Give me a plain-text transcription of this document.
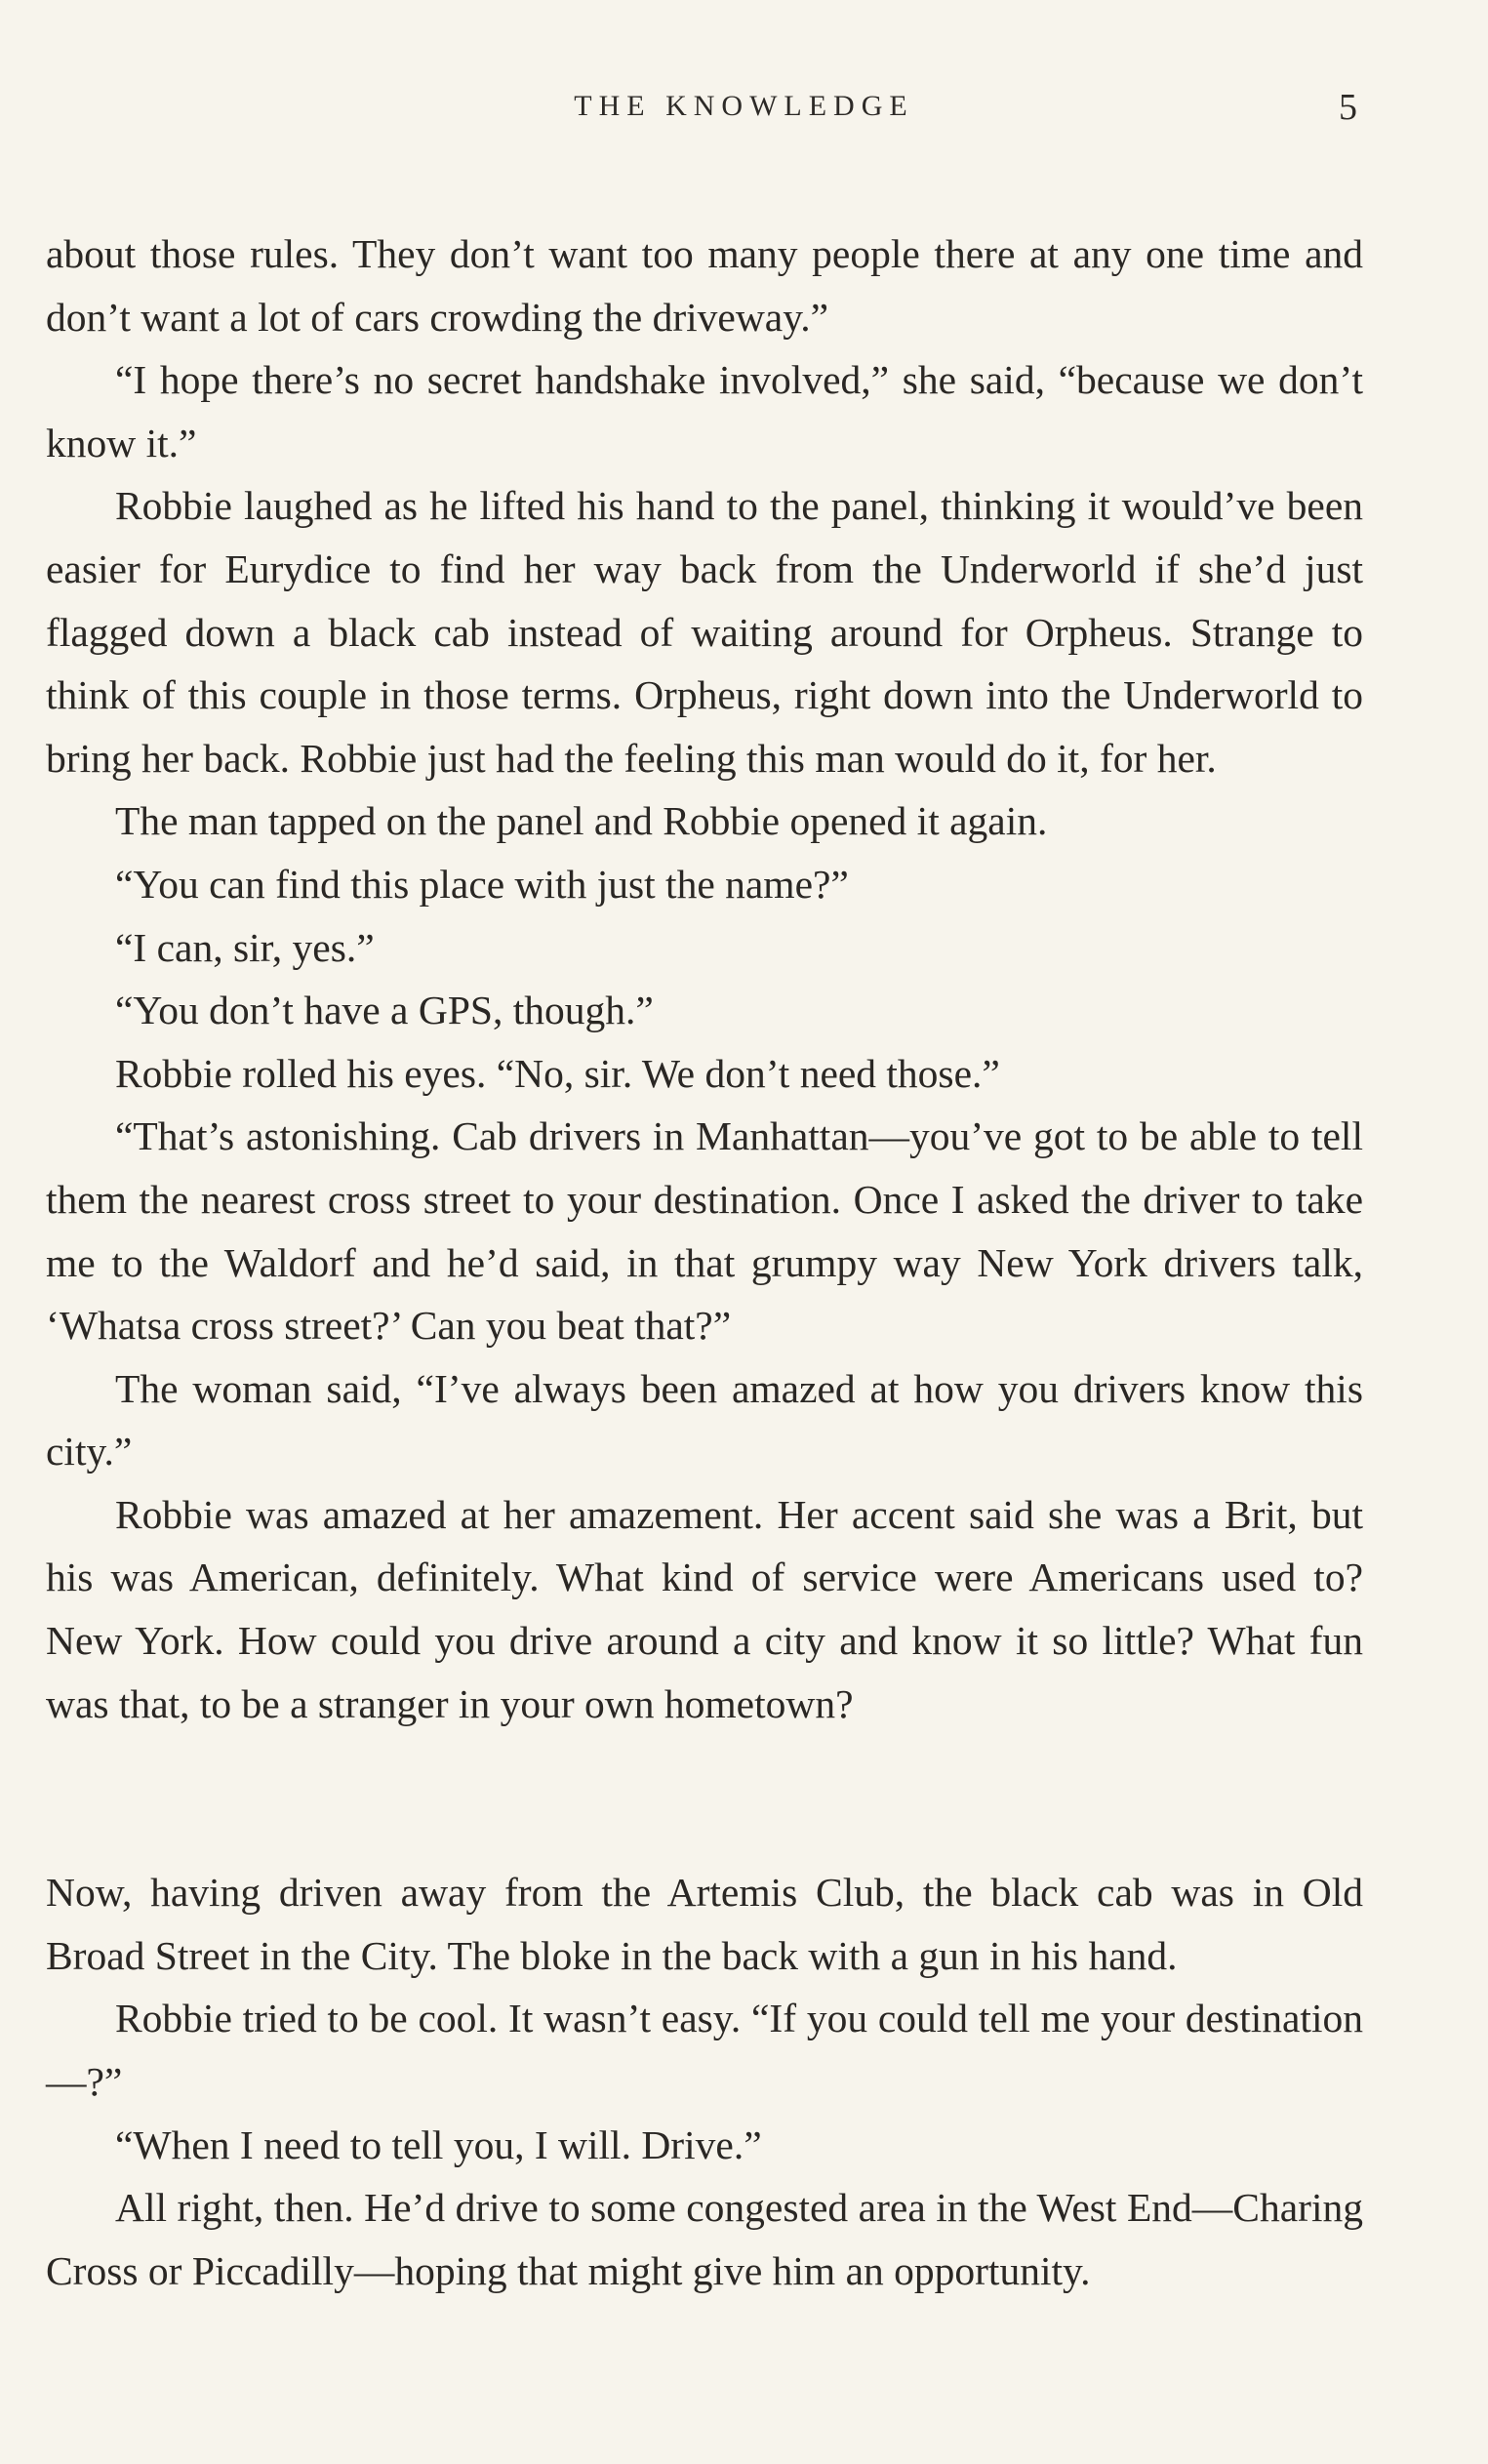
THE KNOWLEDGE	5

about those rules. They don’t want too many people there at any one time and don’t want a lot of cars crowding the driveway.”

“I hope there’s no secret handshake involved,” she said, “because we don’t know it.”

Robbie laughed as he lifted his hand to the panel, thinking it would’ve been easier for Eurydice to find her way back from the Underworld if she’d just flagged down a black cab instead of waiting around for Orpheus. Strange to think of this couple in those terms. Orpheus, right down into the Underworld to bring her back. Robbie just had the feeling this man would do it, for her.

The man tapped on the panel and Robbie opened it again.

“You can find this place with just the name?”

“I can, sir, yes.”

“You don’t have a GPS, though.”

Robbie rolled his eyes. “No, sir. We don’t need those.”

“That’s astonishing. Cab drivers in Manhattan—you’ve got to be able to tell them the nearest cross street to your destination. Once I asked the driver to take me to the Waldorf and he’d said, in that grumpy way New York drivers talk, ‘Whatsa cross street?’ Can you beat that?”

The woman said, “I’ve always been amazed at how you drivers know this city.”

Robbie was amazed at her amazement. Her accent said she was a Brit, but his was American, definitely. What kind of service were Americans used to? New York. How could you drive around a city and know it so little? What fun was that, to be a stranger in your own hometown?

Now, having driven away from the Artemis Club, the black cab was in Old Broad Street in the City. The bloke in the back with a gun in his hand.

Robbie tried to be cool. It wasn’t easy. “If you could tell me your destination—?”

“When I need to tell you, I will. Drive.”

All right, then. He’d drive to some congested area in the West End—Charing Cross or Piccadilly—hoping that might give him an opportunity.
